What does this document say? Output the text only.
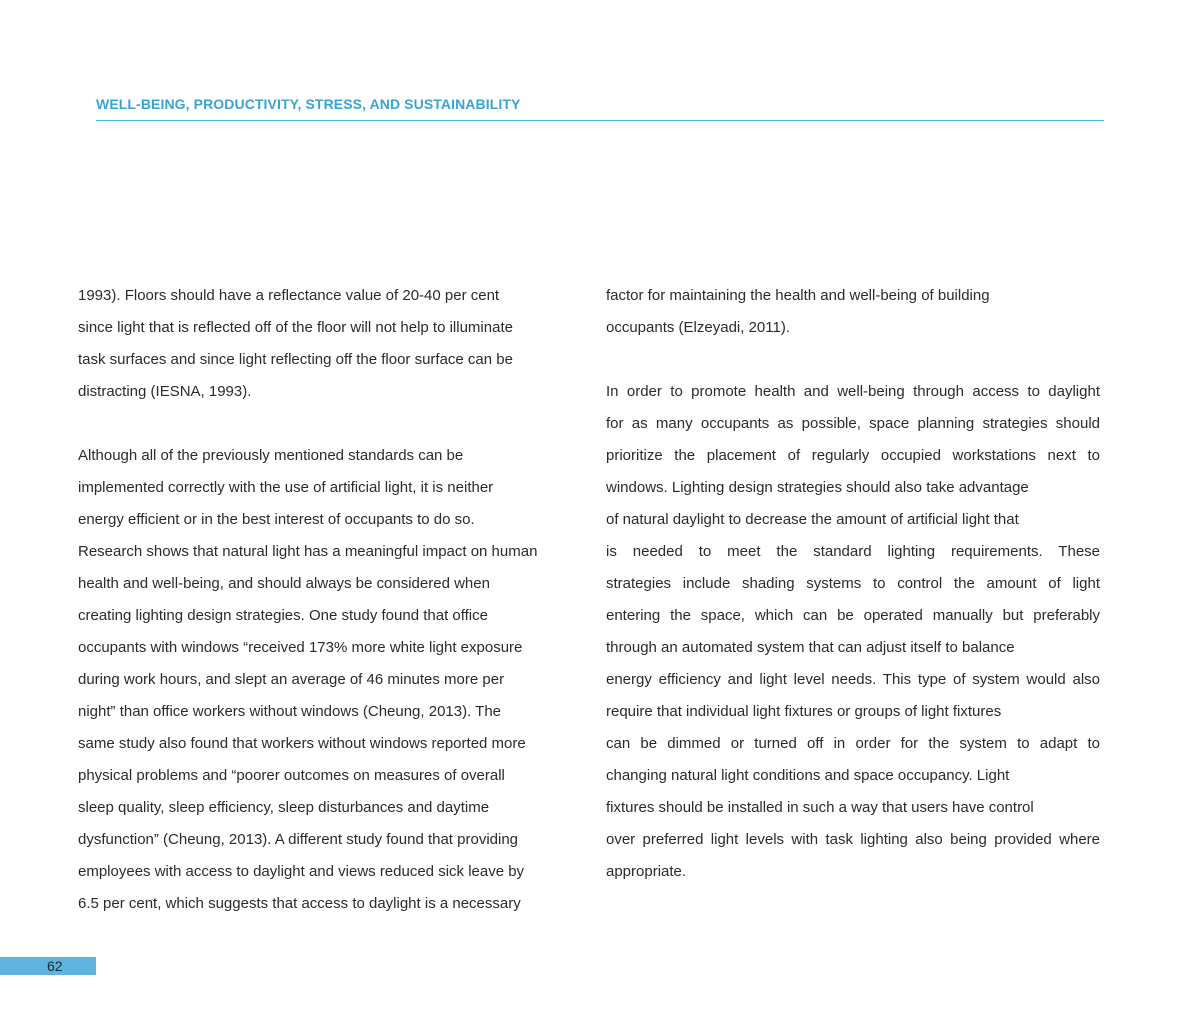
WELL-BEING, PRODUCTIVITY, STRESS, AND SUSTAINABILITY
1993). Floors should have a reflectance value of 20-40 per cent
since light that is reflected off of the floor will not help to illuminate
task surfaces and since light reflecting off the floor surface can be
distracting (IESNA, 1993).
Although all of the previously mentioned standards can be
implemented correctly with the use of artificial light, it is neither
energy efficient or in the best interest of occupants to do so.
Research shows that natural light has a meaningful impact on human
health and well-being, and should always be considered when
creating lighting design strategies. One study found that office
occupants with windows “received 173% more white light exposure
during work hours, and slept an average of 46 minutes more per
night” than office workers without windows (Cheung, 2013). The
same study also found that workers without windows reported more
physical problems and “poorer outcomes on measures of overall
sleep quality, sleep efficiency, sleep disturbances and daytime
dysfunction” (Cheung, 2013). A different study found that providing
employees with access to daylight and views reduced sick leave by
6.5 per cent, which suggests that access to daylight is a necessary
factor for maintaining the health and well-being of building
occupants (Elzeyadi, 2011).
In order to promote health and well-being through access to daylight
for as many occupants as possible, space planning strategies should
prioritize the placement of regularly occupied workstations next to
windows. Lighting design strategies should also take advantage
of natural daylight to decrease the amount of artificial light that
is needed to meet the standard lighting requirements. These
strategies include shading systems to control the amount of light
entering the space, which can be operated manually but preferably
through an automated system that can adjust itself to balance
energy efficiency and light level needs. This type of system would also
require that individual light fixtures or groups of light fixtures
can be dimmed or turned off in order for the system to adapt to
changing natural light conditions and space occupancy. Light
fixtures should be installed in such a way that users have control
over preferred light levels with task lighting also being provided where
appropriate.
62
